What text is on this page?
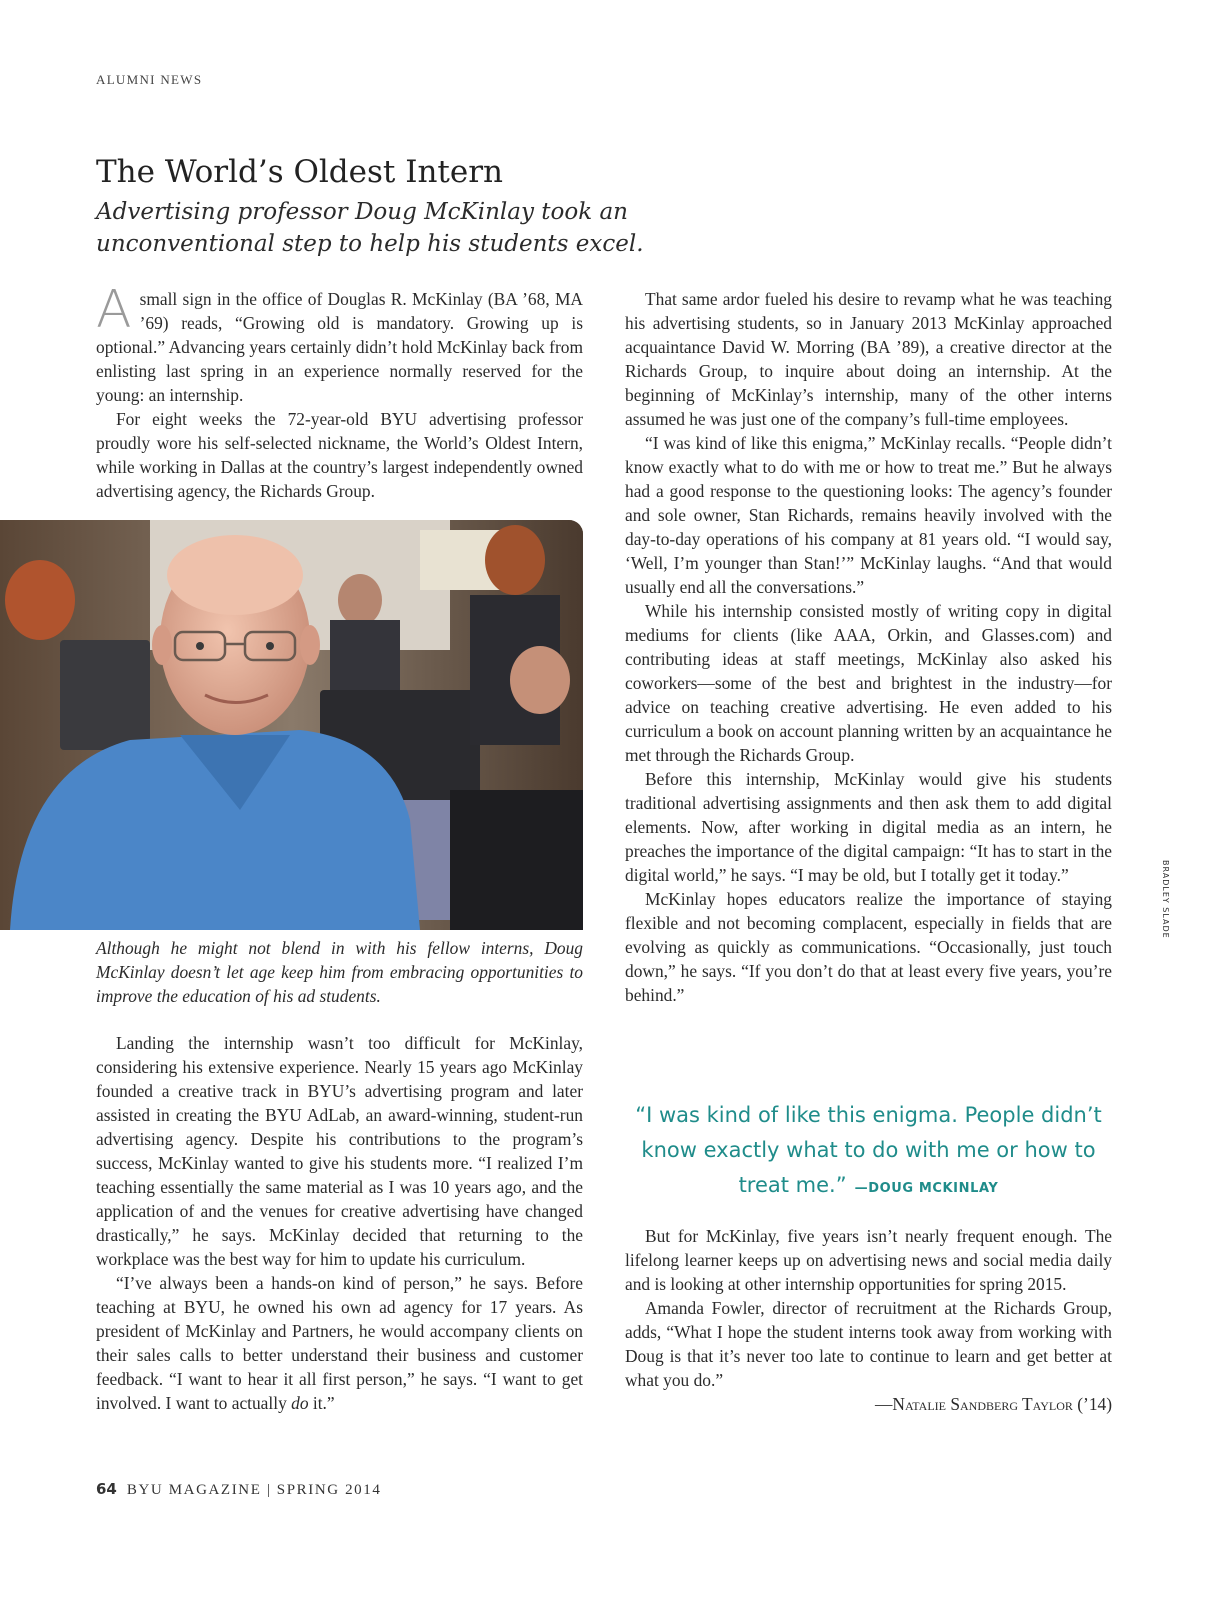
ALUMNI NEWS
The World’s Oldest Intern

Advertising professor Doug McKinlay took an unconventional step to help his students excel.

Asmall sign in the office of Douglas R. McKinlay (BA ’68, MA ’69) reads, “Growing old is mandatory. Growing up is optional.” Advancing years certainly didn’t hold McKinlay back from enlisting last spring in an experience normally reserved for the young: an internship.

For eight weeks the 72-year-old BYU advertising professor proudly wore his self-selected nickname, the World’s Oldest Intern, while working in Dallas at the country’s largest independently owned advertising agency, the Richards Group.

Although he might not blend in with his fellow interns, Doug McKinlay doesn’t let age keep him from embracing opportunities to improve the education of his ad students.

Landing the internship wasn’t too difficult for McKinlay, considering his extensive experience. Nearly 15 years ago McKinlay founded a creative track in BYU’s advertising program and later assisted in creating the BYU AdLab, an award-winning, student-run advertising agency. Despite his contributions to the program’s success, McKinlay wanted to give his students more. “I realized I’m teaching essentially the same material as I was 10 years ago, and the application of and the venues for creative advertising have changed drastically,” he says. McKinlay decided that returning to the workplace was the best way for him to update his curriculum.

“I’ve always been a hands-on kind of person,” he says. Before teaching at BYU, he owned his own ad agency for 17 years. As president of McKinlay and Partners, he would accompany clients on their sales calls to better understand their business and customer feedback. “I want to hear it all first person,” he says. “I want to get involved. I want to actually do it.”

That same ardor fueled his desire to revamp what he was teaching his advertising students, so in January 2013 McKinlay approached acquaintance David W. Morring (BA ’89), a creative director at the Richards Group, to inquire about doing an internship. At the beginning of McKinlay’s internship, many of the other interns assumed he was just one of the company’s full-time employees.

“I was kind of like this enigma,” McKinlay recalls. “People didn’t know exactly what to do with me or how to treat me.” But he always had a good response to the questioning looks: The agency’s founder and sole owner, Stan Richards, remains heavily involved with the day-to-day operations of his company at 81 years old. “I would say, ‘Well, I’m younger than Stan!’” McKinlay laughs. “And that would usually end all the conversations.”

While his internship consisted mostly of writing copy in digital mediums for clients (like AAA, Orkin, and Glasses.com) and contributing ideas at staff meetings, McKinlay also asked his coworkers—some of the best and brightest in the industry—for advice on teaching creative advertising. He even added to his curriculum a book on account planning written by an acquaintance he met through the Richards Group.

Before this internship, McKinlay would give his students traditional advertising assignments and then ask them to add digital elements. Now, after working in digital media as an intern, he preaches the importance of the digital campaign: “It has to start in the digital world,” he says. “I may be old, but I totally get it today.”

McKinlay hopes educators realize the importance of staying flexible and not becoming complacent, especially in fields that are evolving as quickly as communications. “Occasionally, just touch down,” he says. “If you don’t do that at least every five years, you’re behind.”

“I was kind of like this enigma. People didn’t know exactly what to do with me or how to treat me.” —DOUG MCKINLAY

But for McKinlay, five years isn’t nearly frequent enough. The lifelong learner keeps up on advertising news and social media daily and is looking at other internship opportunities for spring 2015.

Amanda Fowler, director of recruitment at the Richards Group, adds, “What I hope the student interns took away from working with Doug is that it’s never too late to continue to learn and get better at what you do.”

—Natalie Sandberg Taylor (’14)

BRADLEY SLADE
64 BYU MAGAZINE | SPRING 2014
